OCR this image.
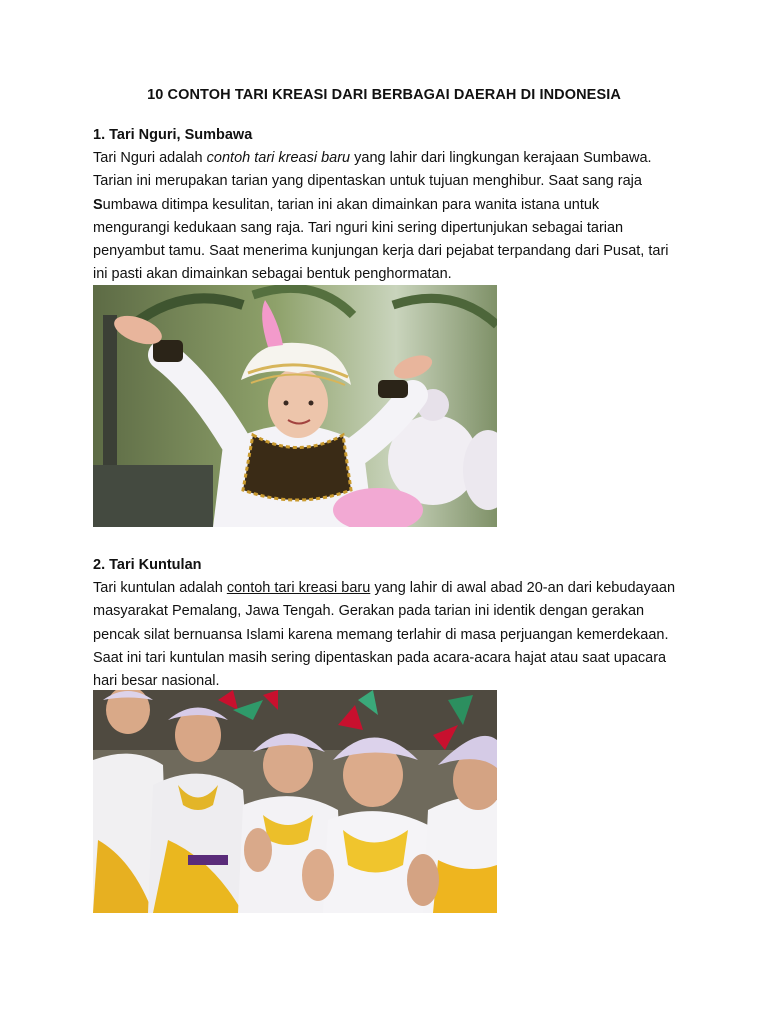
10 CONTOH TARI KREASI DARI BERBAGAI DAERAH DI INDONESIA

1. Tari Nguri, Sumbawa

Tari Nguri adalah contoh tari kreasi baru yang lahir dari lingkungan kerajaan Sumbawa. Tarian ini merupakan tarian yang dipentaskan untuk tujuan menghibur. Saat sang raja Sumbawa ditimpa kesulitan, tarian ini akan dimainkan para wanita istana untuk mengurangi kedukaan sang raja. Tari nguri kini sering dipertunjukan sebagai tarian penyambut tamu. Saat menerima kunjungan kerja dari pejabat terpandang dari Pusat, tari ini pasti akan dimainkan sebagai bentuk penghormatan.

2. Tari Kuntulan

Tari kuntulan adalah contoh tari kreasi baru yang lahir di awal abad 20-an dari kebudayaan masyarakat Pemalang, Jawa Tengah. Gerakan pada tarian ini identik dengan gerakan pencak silat bernuansa Islami karena memang terlahir di masa perjuangan kemerdekaan. Saat ini tari kuntulan masih sering dipentaskan pada acara-acara hajat atau saat upacara hari besar nasional.
